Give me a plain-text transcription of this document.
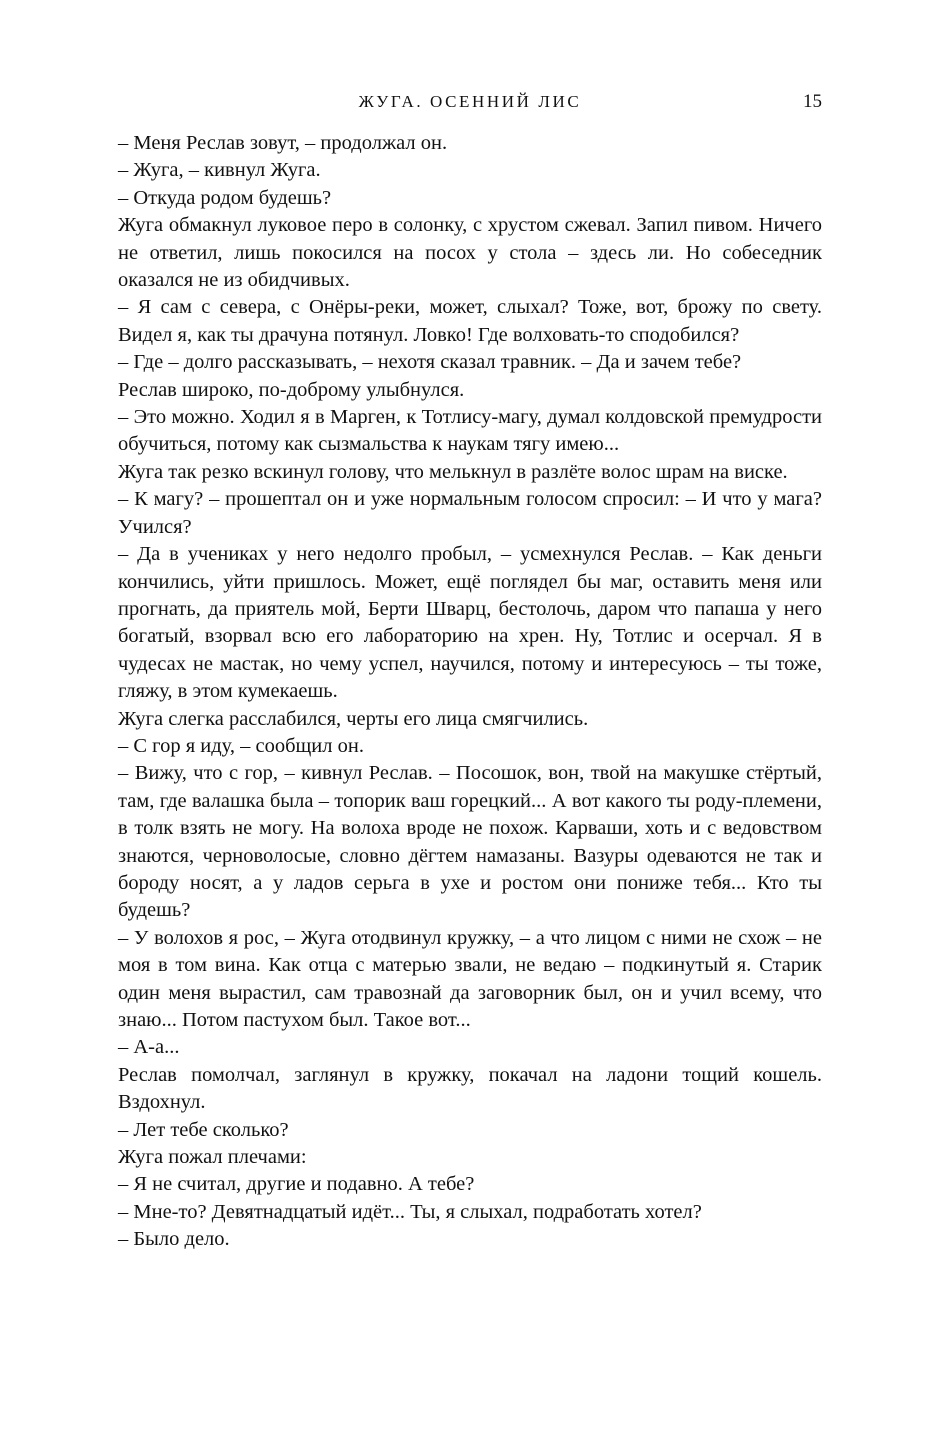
ЖУГА. ОСЕННИЙ ЛИС	15

– Меня Реслав зовут, – продолжал он.

– Жуга, – кивнул Жуга.

– Откуда родом будешь?

Жуга обмакнул луковое перо в солонку, с хрустом сжевал. Запил пивом. Ничего не ответил, лишь покосился на посох у стола – здесь ли. Но собеседник оказался не из обидчивых.

– Я сам с севера, с Онёры-реки, может, слыхал? Тоже, вот, брожу по свету. Видел я, как ты драчуна потянул. Ловко! Где волховать-то сподобился?

– Где – долго рассказывать, – нехотя сказал травник. – Да и зачем тебе?

Реслав широко, по-доброму улыбнулся.

– Это можно. Ходил я в Марген, к Тотлису-магу, думал колдовской премудрости обучиться, потому как сызмальства к наукам тягу имею...

Жуга так резко вскинул голову, что мелькнул в разлёте волос шрам на виске.

– К магу? – прошептал он и уже нормальным голосом спросил: – И что у мага? Учился?

– Да в учениках у него недолго пробыл, – усмехнулся Реслав. – Как деньги кончились, уйти пришлось. Может, ещё поглядел бы маг, оставить меня или прогнать, да приятель мой, Берти Шварц, бестолочь, даром что папаша у него богатый, взорвал всю его лабораторию на хрен. Ну, Тотлис и осерчал. Я в чудесах не мастак, но чему успел, научился, потому и интересуюсь – ты тоже, гляжу, в этом кумекаешь.

Жуга слегка расслабился, черты его лица смягчились.

– С гор я иду, – сообщил он.

– Вижу, что с гор, – кивнул Реслав. – Посошок, вон, твой на макушке стёртый, там, где валашка была – топорик ваш горецкий... А вот какого ты роду-племени, в толк взять не могу. На волоха вроде не похож. Карваши, хоть и с ведовством знаются, черноволосые, словно дёгтем намазаны. Вазуры одеваются не так и бороду носят, а у ладов серьга в ухе и ростом они пониже тебя... Кто ты будешь?

– У волохов я рос, – Жуга отодвинул кружку, – а что лицом с ними не схож – не моя в том вина. Как отца с матерью звали, не ведаю – подкинутый я. Старик один меня вырастил, сам травознай да заговорник был, он и учил всему, что знаю... Потом пастухом был. Такое вот...

– А-а...

Реслав помолчал, заглянул в кружку, покачал на ладони тощий кошель. Вздохнул.

– Лет тебе сколько?

Жуга пожал плечами:

– Я не считал, другие и подавно. А тебе?

– Мне-то? Девятнадцатый идёт... Ты, я слыхал, подработать хотел?

– Было дело.
